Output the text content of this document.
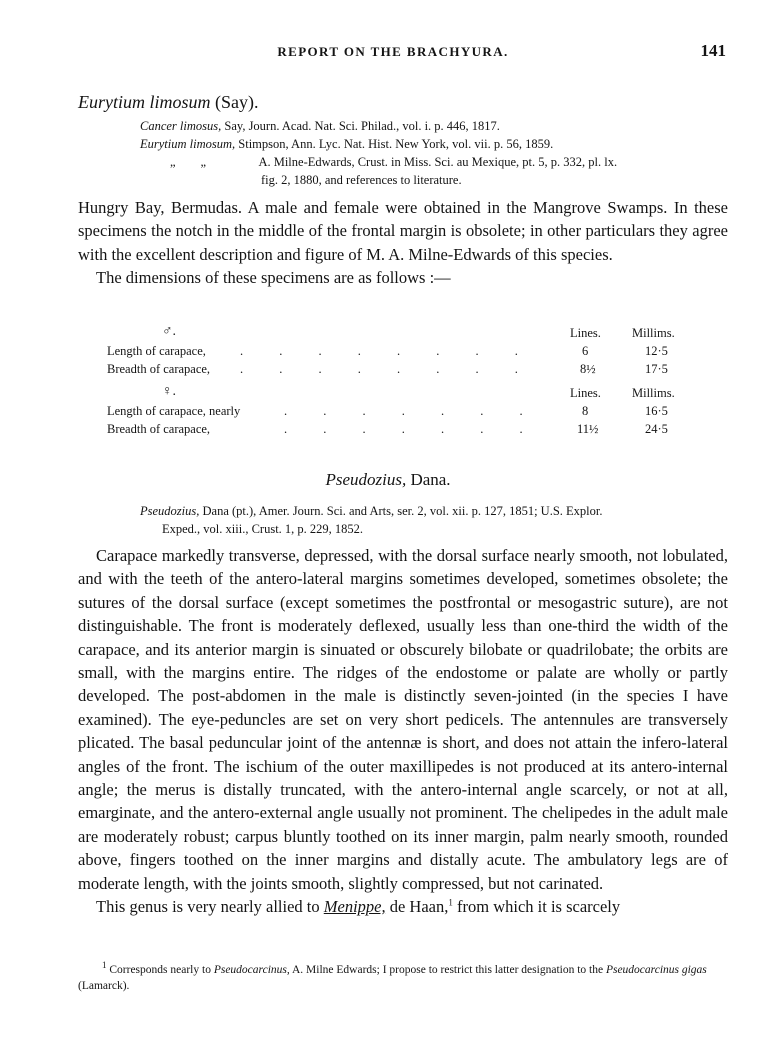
REPORT ON THE BRACHYURA.	141
Eurytium limosum (Say).
Cancer limosus, Say, Journ. Acad. Nat. Sci. Philad., vol. i. p. 446, 1817.
Eurytium limosum, Stimpson, Ann. Lyc. Nat. Hist. New York, vol. vii. p. 56, 1859.
„        „	A. Milne-Edwards, Crust. in Miss. Sci. au Mexique, pt. 5, p. 332, pl. lx.
fig. 2, 1880, and references to literature.

Hungry Bay, Bermudas. A male and female were obtained in the Mangrove Swamps. In these specimens the notch in the middle of the frontal margin is obsolete; in other particulars they agree with the excellent description and figure of M. A. Milne-Edwards of this species.

The dimensions of these specimens are as follows :—

♂.	Lines. Millims.
Length of carapace,	. . . . . . . .	6	12·5
Breadth of carapace, . . . . . . . .	8½	17·5
♀.	Lines. Millims.
Length of carapace, nearly	. . . . . . .	8	16·5
Breadth of carapace,	. . . . . . .	11½	24·5
Pseudozius, Dana.
Pseudozius, Dana (pt.), Amer. Journ. Sci. and Arts, ser. 2, vol. xii. p. 127, 1851; U.S. Explor.
Exped., vol. xiii., Crust. 1, p. 229, 1852.

Carapace markedly transverse, depressed, with the dorsal surface nearly smooth, not lobulated, and with the teeth of the antero-lateral margins sometimes developed, sometimes obsolete; the sutures of the dorsal surface (except sometimes the postfrontal or mesogastric suture), are not distinguishable. The front is moderately deflexed, usually less than one-third the width of the carapace, and its anterior margin is sinuated or obscurely bilobate or quadrilobate; the orbits are small, with the margins entire. The ridges of the endostome or palate are wholly or partly developed. The post-abdomen in the male is distinctly seven-jointed (in the species I have examined). The eye-peduncles are set on very short pedicels. The antennules are transversely plicated. The basal peduncular joint of the antennæ is short, and does not attain the infero-lateral angles of the front. The ischium of the outer maxillipedes is not produced at its antero-internal angle; the merus is distally truncated, with the antero-internal angle scarcely, or not at all, emarginate, and the antero-external angle usually not prominent. The chelipedes in the adult male are moderately robust; carpus bluntly toothed on its inner margin, palm nearly smooth, rounded above, fingers toothed on the inner margins and distally acute. The ambulatory legs are of moderate length, with the joints smooth, slightly compressed, but not carinated.

This genus is very nearly allied to Menippe, de Haan,$^1$ from which it is scarcely

$^1$ Corresponds nearly to Pseudocarcinus, A. Milne Edwards; I propose to restrict this latter designation to the Pseudocarcinus gigas (Lamarck).
